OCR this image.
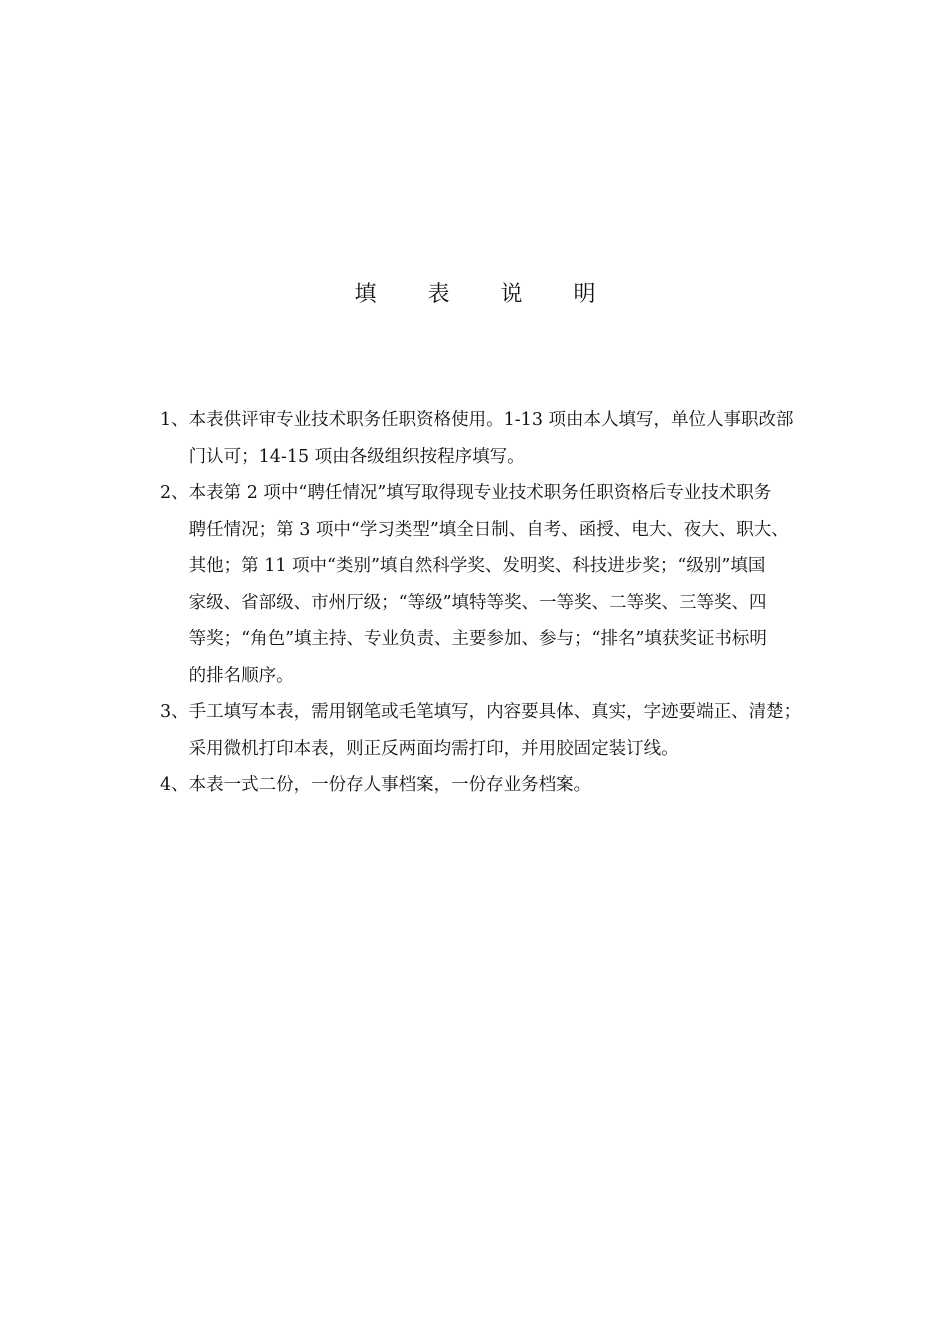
填 表 说 明
1、 本表供评审专业技术职务任职资格使用。1-13 项由本人填写，单位人事职改部
门认可；14-15 项由各级组织按程序填写。
2、 本表第 2 项中“聘任情况”填写取得现专业技术职务任职资格后专业技术职务
聘任情况；第 3 项中“学习类型”填全日制、自考、函授、电大、夜大、职大、
其他；第 11 项中“类别”填自然科学奖、发明奖、科技进步奖；“级别”填国
家级、省部级、市州厅级；“等级”填特等奖、一等奖、二等奖、三等奖、四
等奖；“角色”填主持、专业负责、主要参加、参与；“排名”填获奖证书标明
的排名顺序。
3、 手工填写本表，需用钢笔或毛笔填写，内容要具体、真实，字迹要端正、清楚；
采用微机打印本表，则正反两面均需打印，并用胶固定装订线。
4、 本表一式二份，一份存人事档案，一份存业务档案。
